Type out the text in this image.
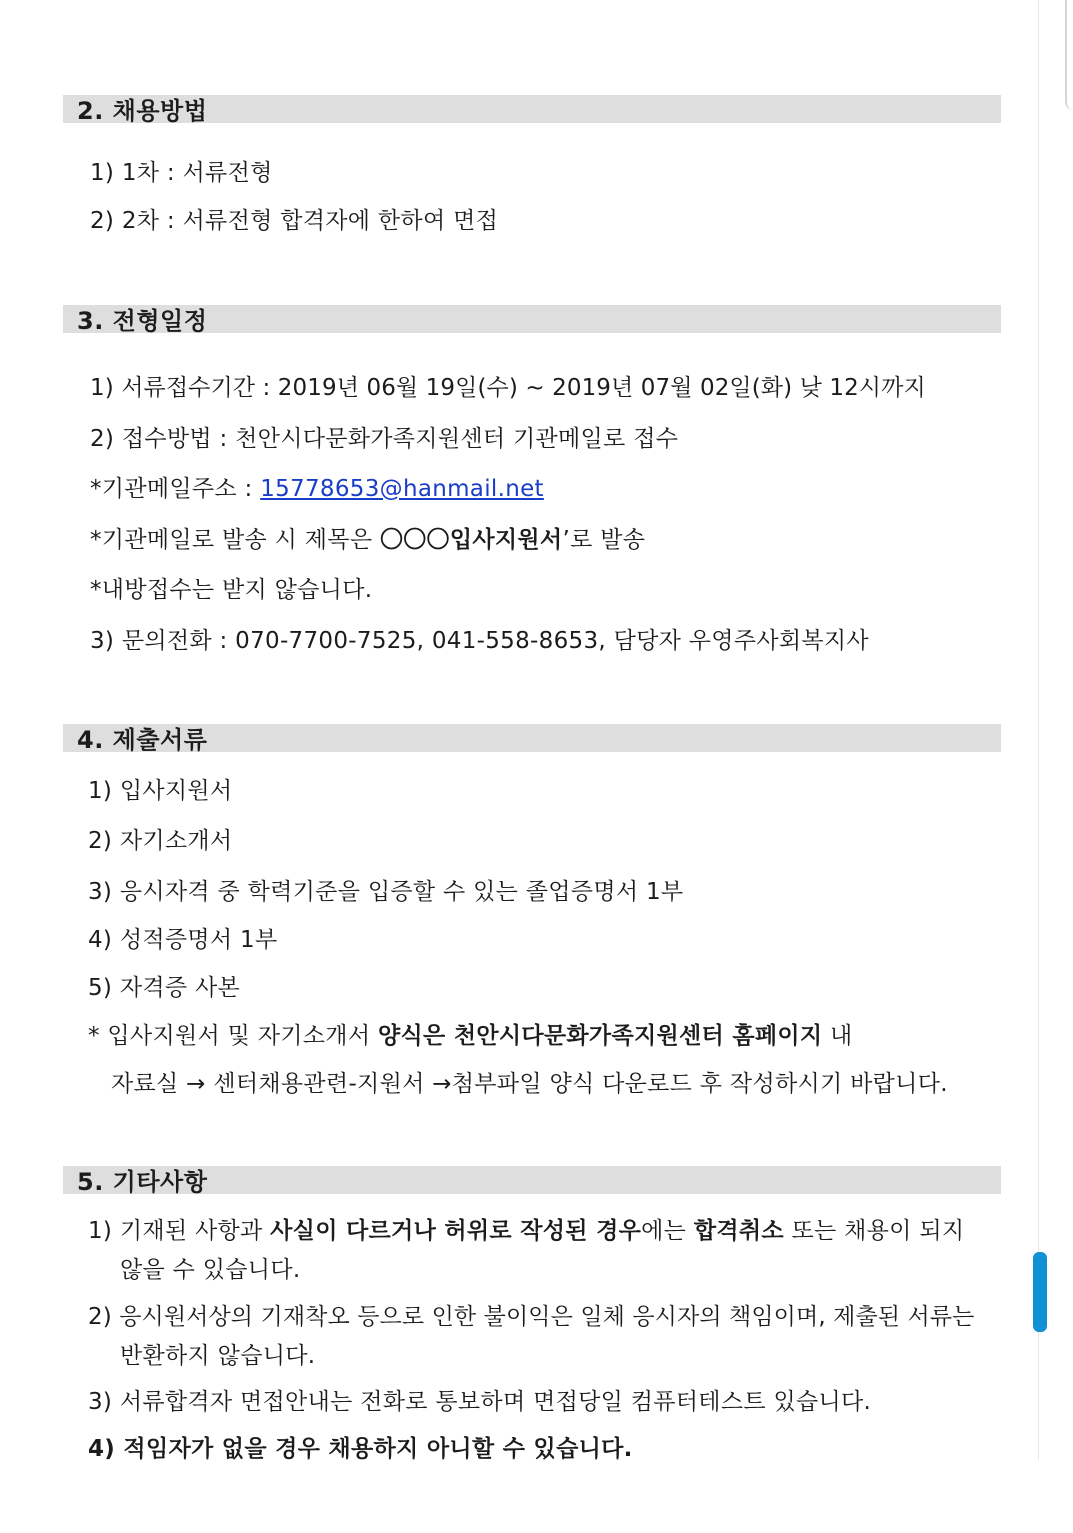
2. 채용방법
1) 1차 : 서류전형
2) 2차 : 서류전형 합격자에 한하여 면접
3. 전형일정
1) 서류접수기간 : 2019년 06월 19일(수) ~ 2019년 07월 02일(화) 낮 12시까지
2) 접수방법 : 천안시다문화가족지원센터 기관메일로 접수
*기관메일주소 : 15778653@hanmail.net
*기관메일로 발송 시 제목은 〇〇〇입사지원서’로 발송
*내방접수는 받지 않습니다.
3) 문의전화 : 070-7700-7525, 041-558-8653, 담당자 우영주사회복지사
4. 제출서류
1) 입사지원서
2) 자기소개서
3) 응시자격 중 학력기준을 입증할 수 있는 졸업증명서 1부
4) 성적증명서 1부
5) 자격증 사본
* 입사지원서 및 자기소개서 양식은 천안시다문화가족지원센터 홈페이지 내
자료실 → 센터채용관련-지원서 →첨부파일 양식 다운로드 후 작성하시기 바랍니다.
5. 기타사항
1) 기재된 사항과 사실이 다르거나 허위로 작성된 경우에는 합격취소 또는 채용이 되지
않을 수 있습니다.
2) 응시원서상의 기재착오 등으로 인한 불이익은 일체 응시자의 책임이며, 제출된 서류는
반환하지 않습니다.
3) 서류합격자 면접안내는 전화로 통보하며 면접당일 컴퓨터테스트 있습니다.
4) 적임자가 없을 경우 채용하지 아니할 수 있습니다.
